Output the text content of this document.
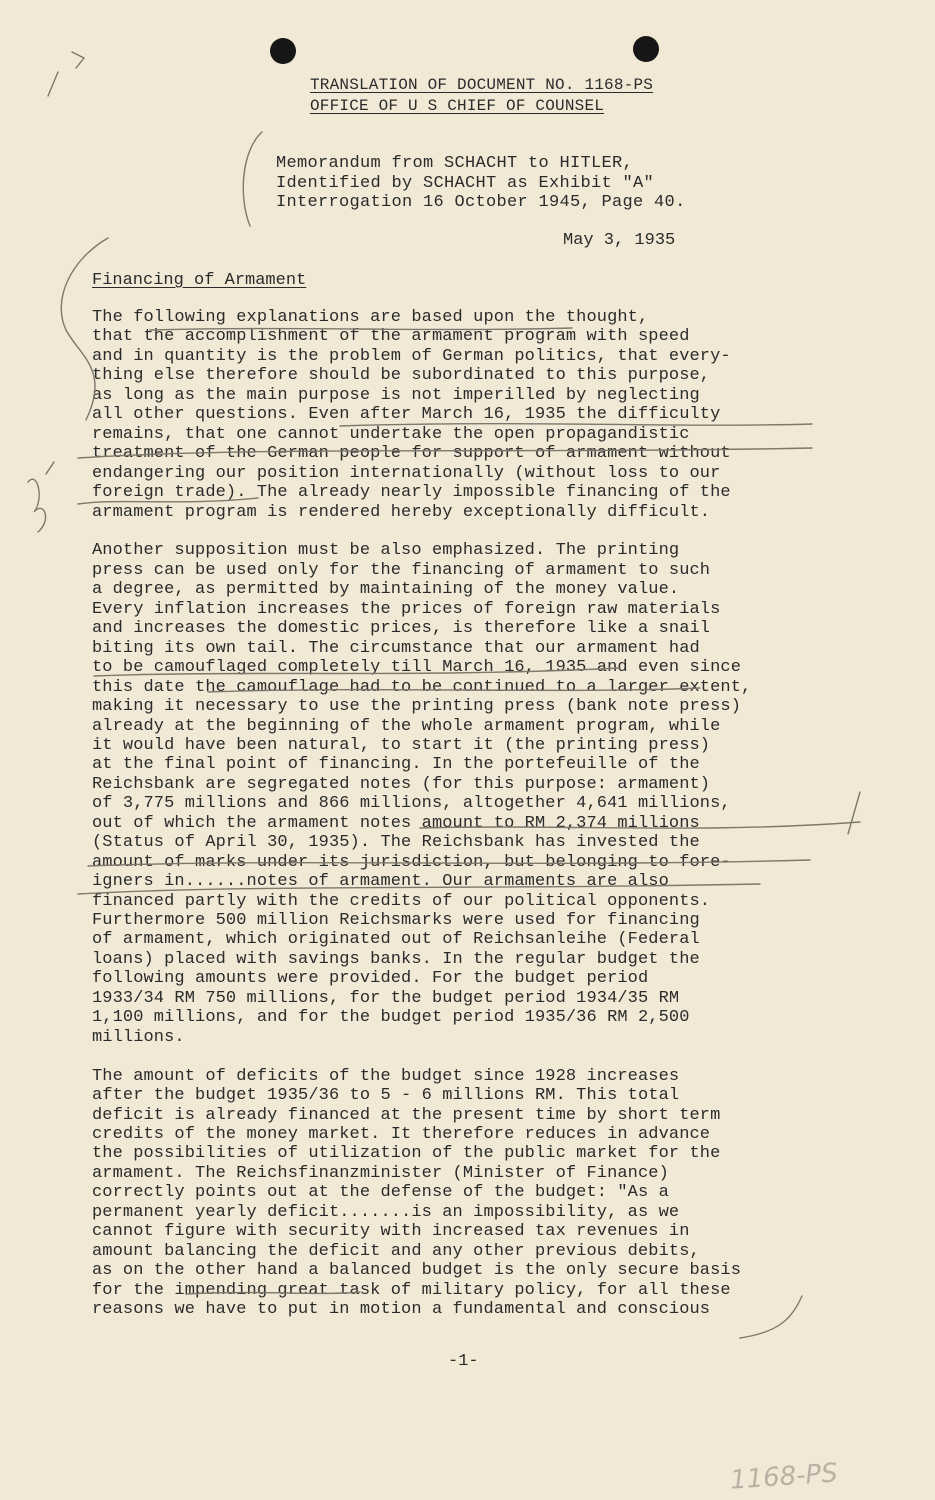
TRANSLATION OF DOCUMENT NO. 1168-PS
OFFICE OF U S CHIEF OF COUNSEL
Memorandum from SCHACHT to HITLER,
Identified by SCHACHT as Exhibit "A"
Interrogation 16 October 1945, Page 40.
May 3, 1935
Financing of Armament

The following explanations are based upon the thought,
that the accomplishment of the armament program with speed
and in quantity is the problem of German politics, that every-
thing else therefore should be subordinated to this purpose,
as long as the main purpose is not imperilled by neglecting
all other questions. Even after March 16, 1935 the difficulty
remains, that one cannot undertake the open propagandistic
treatment of the German people for support of armament without
endangering our position internationally (without loss to our
foreign trade). The already nearly impossible financing of the
armament program is rendered hereby exceptionally difficult.

Another supposition must be also emphasized. The printing
press can be used only for the financing of armament to such
a degree, as permitted by maintaining of the money value.
Every inflation increases the prices of foreign raw materials
and increases the domestic prices, is therefore like a snail
biting its own tail. The circumstance that our armament had
to be camouflaged completely till March 16, 1935 and even since
this date the camouflage had to be continued to a larger extent,
making it necessary to use the printing press (bank note press)
already at the beginning of the whole armament program, while
it would have been natural, to start it (the printing press)
at the final point of financing. In the portefeuille of the
Reichsbank are segregated notes (for this purpose: armament)
of 3,775 millions and 866 millions, altogether 4,641 millions,
out of which the armament notes amount to RM 2,374 millions
(Status of April 30, 1935). The Reichsbank has invested the
amount of marks under its jurisdiction, but belonging to fore-
igners in......notes of armament. Our armaments are also
financed partly with the credits of our political opponents.
Furthermore 500 million Reichsmarks were used for financing
of armament, which originated out of Reichsanleihe (Federal
loans) placed with savings banks. In the regular budget the
following amounts were provided. For the budget period
1933/34 RM 750 millions, for the budget period 1934/35 RM
1,100 millions, and for the budget period 1935/36 RM 2,500
millions.

The amount of deficits of the budget since 1928 increases
after the budget 1935/36 to 5 - 6 millions RM. This total
deficit is already financed at the present time by short term
credits of the money market. It therefore reduces in advance
the possibilities of utilization of the public market for the
armament. The Reichsfinanzminister (Minister of Finance)
correctly points out at the defense of the budget: "As a
permanent yearly deficit.......is an impossibility, as we
cannot figure with security with increased tax revenues in
amount balancing the deficit and any other previous debits,
as on the other hand a balanced budget is the only secure basis
for the impending great task of military policy, for all these
reasons we have to put in motion a fundamental and conscious

-1-
1168-PS
